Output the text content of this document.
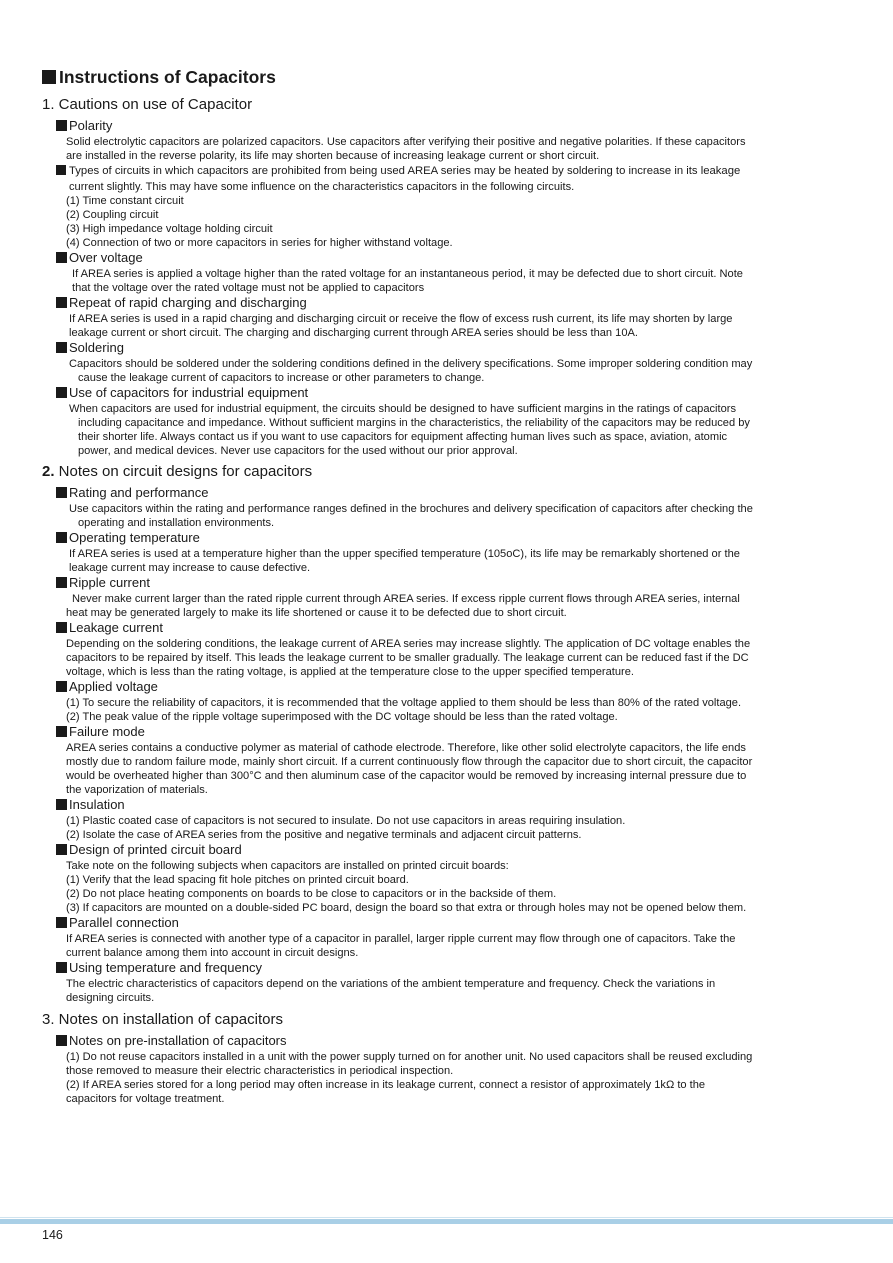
Instructions of Capacitors
1. Cautions on use of Capacitor
Polarity
Solid electrolytic capacitors are polarized capacitors. Use capacitors after verifying their positive and negative polarities. If these capacitors
are installed in the reverse polarity, its life may shorten because of increasing leakage current or short circuit.
Types of circuits in which capacitors are prohibited from being used AREA series may be heated by soldering to increase in its leakage
current slightly. This may have some influence on the characteristics capacitors in the following circuits.
(1) Time constant circuit
(2) Coupling circuit
(3) High impedance voltage holding circuit
(4) Connection of two or more capacitors in series for higher withstand voltage.
Over voltage
If AREA series is applied a voltage higher than the rated voltage for an instantaneous period, it may be defected due to short circuit. Note
that the voltage over the rated voltage must not be applied to capacitors
Repeat of rapid charging and discharging
If AREA series is used in a rapid charging and discharging circuit or receive the flow of excess rush current, its life may shorten by large
leakage current or short circuit. The charging and discharging current through AREA series should be less than 10A.
Soldering
Capacitors should be soldered under the soldering conditions defined in the delivery specifications. Some improper soldering condition may
cause the leakage current of capacitors to increase or other parameters to change.
Use of capacitors for industrial equipment
When capacitors are used for industrial equipment, the circuits should be designed to have sufficient margins in the ratings of capacitors
including capacitance and impedance. Without sufficient margins in the characteristics, the reliability of the capacitors may be reduced by
their shorter life. Always contact us if you want to use capacitors for equipment affecting human lives such as space, aviation, atomic
power, and medical devices. Never use capacitors for the used without our prior approval.
2. Notes on circuit designs for capacitors
Rating and performance
Use capacitors within the rating and performance ranges defined in the brochures and delivery specification of capacitors after checking the
operating and installation environments.
Operating temperature
If AREA series is used at a temperature higher than the upper specified temperature (105oC), its life may be remarkably shortened or the
leakage current may increase to cause defective.
Ripple current
Never make current larger than the rated ripple current through AREA series. If excess ripple current flows through AREA series, internal
heat may be generated largely to make its life shortened or cause it to be defected due to short circuit.
Leakage current
Depending on the soldering conditions, the leakage current of AREA series may increase slightly. The application of DC voltage enables the
capacitors to be repaired by itself. This leads the leakage current to be smaller gradually. The leakage current can be reduced fast if the DC
voltage, which is less than the rating voltage, is applied at the temperature close to the upper specified temperature.
Applied voltage
(1) To secure the reliability of capacitors, it is recommended that the voltage applied to them should be less than 80% of the rated voltage.
(2) The peak value of the ripple voltage superimposed with the DC voltage should be less than the rated voltage.
Failure mode
AREA series contains a conductive polymer as material of cathode electrode. Therefore, like other solid electrolyte capacitors, the life ends
mostly due to random failure mode, mainly short circuit. If a current continuously flow through the capacitor due to short circuit, the capacitor
would be overheated higher than 300°C and then aluminum case of the capacitor would be removed by increasing internal pressure due to
the vaporization of materials.
Insulation
(1) Plastic coated case of capacitors is not secured to insulate. Do not use capacitors in areas requiring insulation.
(2) Isolate the case of AREA series from the positive and negative terminals and adjacent circuit patterns.
Design of printed circuit board
Take note on the following subjects when capacitors are installed on printed circuit boards:
(1) Verify that the lead spacing fit hole pitches on printed circuit board.
(2) Do not place heating components on boards to be close to capacitors or in the backside of them.
(3) If capacitors are mounted on a double-sided PC board, design the board so that extra or through holes may not be opened below them.
Parallel connection
If AREA series is connected with another type of a capacitor in parallel, larger ripple current may flow through one of capacitors. Take the
current balance among them into account in circuit designs.
Using temperature and frequency
The electric characteristics of capacitors depend on the variations of the ambient temperature and frequency. Check the variations in
designing circuits.
3. Notes on installation of capacitors
Notes on pre-installation of capacitors
(1) Do not reuse capacitors installed in a unit with the power supply turned on for another unit. No used capacitors shall be reused excluding
those removed to measure their electric characteristics in periodical inspection.
(2) If AREA series stored for a long period may often increase in its leakage current, connect a resistor of approximately 1kΩ to the
capacitors for voltage treatment.
146
